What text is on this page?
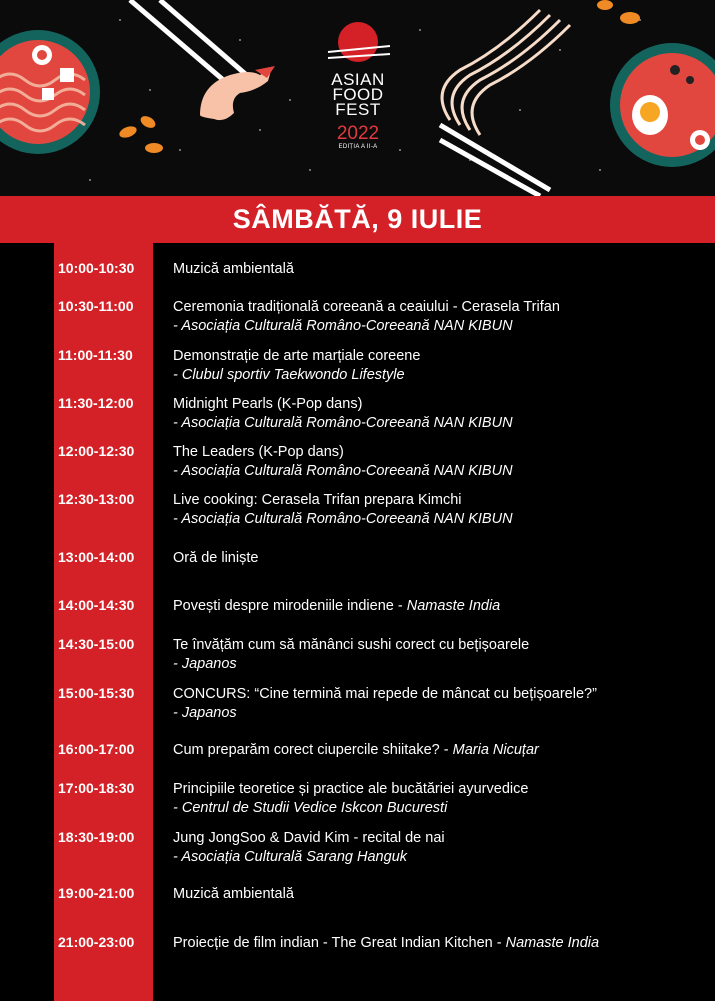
ASIAN
FOOD
FEST
2022
EDIȚIA A II-A
SÂMBĂTĂ, 9 IULIE
10:00-10:30	Muzică ambientală
10:30-11:00	Ceremonia tradițională coreeană a ceaiului - Cerasela Trifan
- Asociația Culturală Româno-Coreeană NAN KIBUN
11:00-11:30	Demonstrație de arte marțiale coreene
- Clubul sportiv Taekwondo Lifestyle
11:30-12:00	Midnight Pearls (K-Pop dans)
- Asociația Culturală Româno-Coreeană NAN KIBUN
12:00-12:30	The Leaders (K-Pop dans)
- Asociația Culturală Româno-Coreeană NAN KIBUN
12:30-13:00	Live cooking: Cerasela Trifan prepara Kimchi
- Asociația Culturală Româno-Coreeană NAN KIBUN
13:00-14:00	Oră de liniște
14:00-14:30	Povești despre mirodeniile indiene - Namaste India
14:30-15:00	Te învățăm cum să mănânci sushi corect cu bețișoarele
- Japanos
15:00-15:30	CONCURS: “Cine termină mai repede de mâncat cu bețișoarele?”
- Japanos
16:00-17:00	Cum preparăm corect ciupercile shiitake? - Maria Nicuțar
17:00-18:30	Principiile teoretice și practice ale bucătăriei ayurvedice
- Centrul de Studii Vedice Iskcon Bucuresti
18:30-19:00	Jung JongSoo & David Kim - recital de nai
- Asociația Culturală Sarang Hanguk
19:00-21:00	Muzică ambientală
21:00-23:00	Proiecție de film indian - The Great Indian Kitchen - Namaste India
